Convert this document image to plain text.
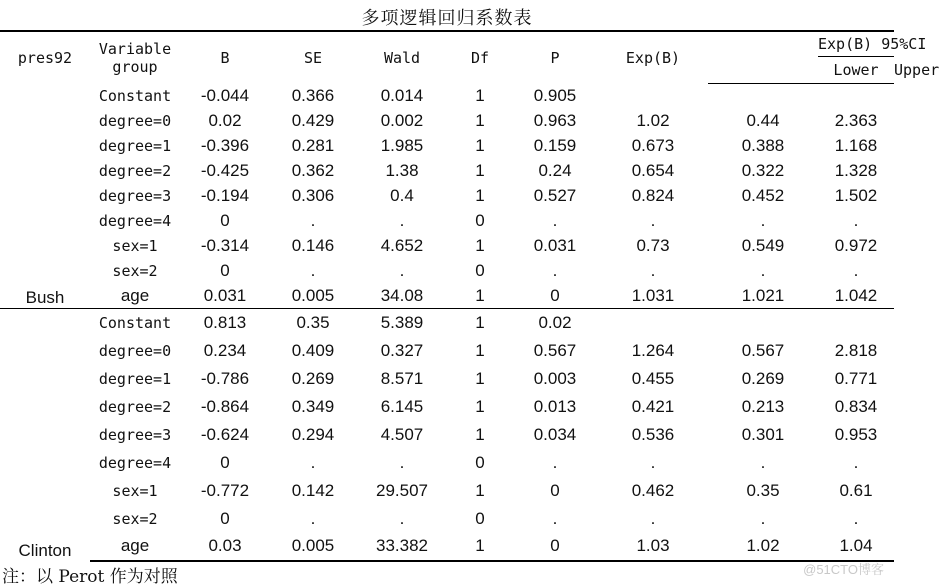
多项逻辑回归系数表
pres92	Variable
group	B	SE	Wald	Df	P	Exp(B)		Exp(B) 95%CI	
									Lower	Upper
Bush	Constant	-0.044	0.366	0.014	1	0.905				
	degree=0	0.02	0.429	0.002	1	0.963	1.02	0.44	2.363	
	degree=1	-0.396	0.281	1.985	1	0.159	0.673	0.388	1.168	
	degree=2	-0.425	0.362	1.38	1	0.24	0.654	0.322	1.328	
	degree=3	-0.194	0.306	0.4	1	0.527	0.824	0.452	1.502	
	degree=4	0	.	.	0	.	.	.	.	
	sex=1	-0.314	0.146	4.652	1	0.031	0.73	0.549	0.972	
	sex=2	0	.	.	0	.	.	.	.	
	age	0.031	0.005	34.08	1	0	1.031	1.021	1.042	
Clinton	Constant	0.813	0.35	5.389	1	0.02				
	degree=0	0.234	0.409	0.327	1	0.567	1.264	0.567	2.818	
	degree=1	-0.786	0.269	8.571	1	0.003	0.455	0.269	0.771	
	degree=2	-0.864	0.349	6.145	1	0.013	0.421	0.213	0.834	
	degree=3	-0.624	0.294	4.507	1	0.034	0.536	0.301	0.953	
	degree=4	0	.	.	0	.	.	.	.	
	sex=1	-0.772	0.142	29.507	1	0	0.462	0.35	0.61	
	sex=2	0	.	.	0	.	.	.	.	
	age	0.03	0.005	33.382	1	0	1.03	1.02	1.04	
注：以 Perot 作为对照	@51CTO博客
